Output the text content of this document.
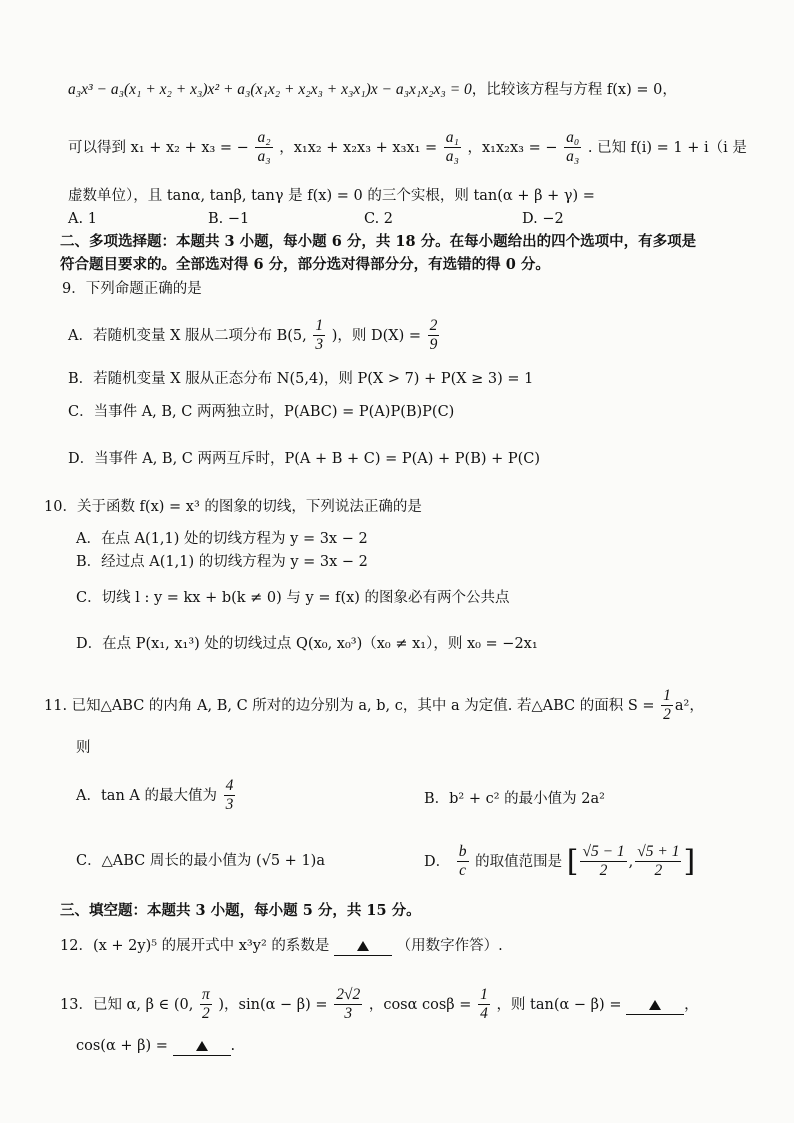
a₃x³ − a₃(x₁ + x₂ + x₃)x² + a₃(x₁x₂ + x₂x₃ + x₃x₁)x − a₃x₁x₂x₃ = 0，比较该方程与方程 f(x) = 0，
可以得到 x₁ + x₂ + x₃ = − $\frac{\text{a₂}}{\text{a₃}}$ ，$x_1x_2 + x_2x_3 + x_3x_1 = \frac{\text{a₁}}{\text{a₃}}$ ，x₁x₂x₃ = − $\frac{\text{a₀}}{\text{a₃}}$ . 已知 f(i) = 1 + i（i 是
虚数单位），且 tanα, tanβ, tanγ 是 f(x) = 0 的三个实根，则 tan(α + β + γ) =
A. 1	B. −1	C. 2	D. −2
二、多项选择题：本题共 3 小题，每小题 6 分，共 18 分。在每小题给出的四个选项中，有多项是
符合题目要求的。全部选对得 6 分，部分选对得部分分，有选错的得 0 分。
9．下列命题正确的是
A．若随机变量 X 服从二项分布 B(5, $\frac{1}{3}$ )，则 $D(X) = \frac{2}{9}$
B．若随机变量 X 服从正态分布 N(5,4)，则 P(X > 7) + P(X ≥ 3) = 1
C．当事件 A, B, C 两两独立时，P(ABC) = P(A)P(B)P(C)
D．当事件 A, B, C 两两互斥时，P(A + B + C) = P(A) + P(B) + P(C)
10．关于函数 f(x) = x³ 的图象的切线，下列说法正确的是
A．在点 A(1,1) 处的切线方程为 y = 3x − 2
B．经过点 A(1,1) 的切线方程为 y = 3x − 2
C．切线 l : y = kx + b(k ≠ 0) 与 y = f(x) 的图象必有两个公共点
D．在点 P(x₁, x₁³) 处的切线过点 Q(x₀, x₀³)（x₀ ≠ x₁），则 x₀ = −2x₁
11. 已知△ABC 的内角 A, B, C 所对的边分别为 a, b, c，其中 a 为定值. 若△ABC 的面积 $S = \frac{1}{2} a^2$，
则
A．tan A 的最大值为 $\frac{4}{3}$	B．b² + c² 的最小值为 2a²
C．△ABC 周长的最小值为 (√5 + 1)a	D． $\frac{b}{c}$ 的取值范围是 [ $\frac{√5 - 1}{2}$ , $\frac{√5 + 1}{2}$ ]
三、填空题：本题共 3 小题，每小题 5 分，共 15 分。
12．(x + 2y)⁵ 的展开式中 x³y² 的系数是	（用数字作答）.
13．已知 α, β ∈ (0, $\frac{\pi}{2}$ )，$\sin(\alpha - \beta) = \frac{2√2}{3}$ ，cosα $\cos\beta = \frac{1}{4}$ ，则 tan(α − β) =	，
cos(α + β) =	.
